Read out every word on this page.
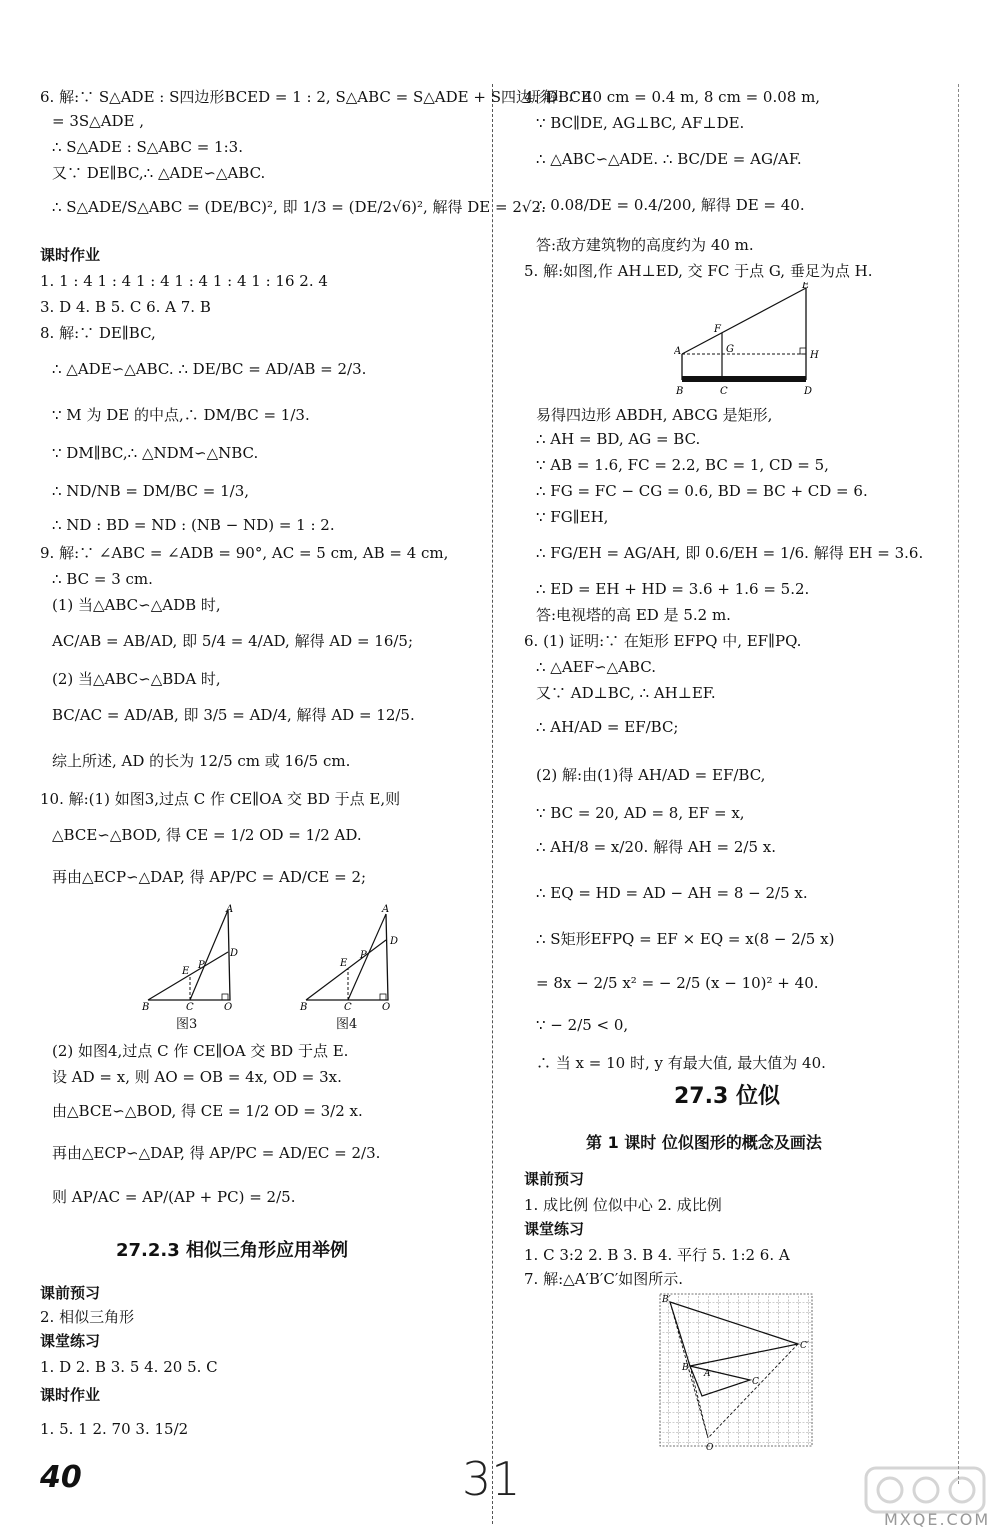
6. 解:∵ S△ADE : S四边形BCED = 1 : 2, S△ABC = S△ADE + S四边形DBCE
= 3S△ADE ,
∴ S△ADE : S△ABC = 1:3.
又∵ DE∥BC,∴ △ADE∽△ABC.
∴ S△ADE/S△ABC = (DE/BC)², 即 1/3 = (DE/2√6)², 解得 DE = 2√2.
课时作业
1. 1 : 4 1 : 4 1 : 4 1 : 4 1 : 4 1 : 16 2. 4
3. D 4. B 5. C 6. A 7. B
8. 解:∵ DE∥BC,
∴ △ADE∽△ABC. ∴ DE/BC = AD/AB = 2/3.
∵ M 为 DE 的中点,∴ DM/BC = 1/3.
∵ DM∥BC,∴ △NDM∽△NBC.
∴ ND/NB = DM/BC = 1/3,
∴ ND : BD = ND : (NB − ND) = 1 : 2.
9. 解:∵ ∠ABC = ∠ADB = 90°, AC = 5 cm, AB = 4 cm,
∴ BC = 3 cm.
(1) 当△ABC∽△ADB 时,
AC/AB = AB/AD, 即 5/4 = 4/AD, 解得 AD = 16/5;
(2) 当△ABC∽△BDA 时,
BC/AC = AD/AB, 即 3/5 = AD/4, 解得 AD = 12/5.
综上所述, AD 的长为 12/5 cm 或 16/5 cm.
10. 解:(1) 如图3,过点 C 作 CE∥OA 交 BD 于点 E,则
△BCE∽△BOD, 得 CE = 1/2 OD = 1/2 AD.
再由△ECP∽△DAP, 得 AP/PC = AD/CE = 2;
A
D
E
P
B	C	O
A
D
E
P
B	C	O
图3	图4
(2) 如图4,过点 C 作 CE∥OA 交 BD 于点 E.
设 AD = x, 则 AO = OB = 4x, OD = 3x.
由△BCE∽△BOD, 得 CE = 1/2 OD = 3/2 x.
再由△ECP∽△DAP, 得 AP/PC = AD/EC = 2/3.
则 AP/AC = AP/(AP + PC) = 2/5.
27.2.3 相似三角形应用举例
课前预习
2. 相似三角形
课堂练习
1. D 2. B 3. 5 4. 20 5. C
课时作业
1. 5. 1 2. 70 3. 15/2
4. 解:∵ 40 cm = 0.4 m, 8 cm = 0.08 m,
∵ BC∥DE, AG⊥BC, AF⊥DE.
∴ △ABC∽△ADE. ∴ BC/DE = AG/AF.
∴ 0.08/DE = 0.4/200, 解得 DE = 40.
答:敌方建筑物的高度约为 40 m.
5. 解:如图,作 AH⊥ED, 交 FC 于点 G, 垂足为点 H.
E
F
G
A	H
B	C	D
易得四边形 ABDH, ABCG 是矩形,
∴ AH = BD, AG = BC.
∵ AB = 1.6, FC = 2.2, BC = 1, CD = 5,
∴ FG = FC − CG = 0.6, BD = BC + CD = 6.
∵ FG∥EH,
∴ FG/EH = AG/AH, 即 0.6/EH = 1/6. 解得 EH = 3.6.
∴ ED = EH + HD = 3.6 + 1.6 = 5.2.
答:电视塔的高 ED 是 5.2 m.
6. (1) 证明:∵ 在矩形 EFPQ 中, EF∥PQ.
∴ △AEF∽△ABC.
又∵ AD⊥BC, ∴ AH⊥EF.
∴ AH/AD = EF/BC;
(2) 解:由(1)得 AH/AD = EF/BC,
∵ BC = 20, AD = 8, EF = x,
∴ AH/8 = x/20. 解得 AH = 2/5 x.
∴ EQ = HD = AD − AH = 8 − 2/5 x.
∴ S矩形EFPQ = EF × EQ = x(8 − 2/5 x)
= 8x − 2/5 x² = − 2/5 (x − 10)² + 40.
∵ − 2/5 < 0,
∴ 当 x = 10 时, y 有最大值, 最大值为 40.
27.3 位似
第 1 课时 位似图形的概念及画法
课前预习
1. 成比例 位似中心 2. 成比例
课堂练习
1. C 3:2 2. B 3. B 4. 平行 5. 1:2 6. A
7. 解:△A′B′C′如图所示.
B′
C′
B
A
C
O
40	31
MXQE.COM
